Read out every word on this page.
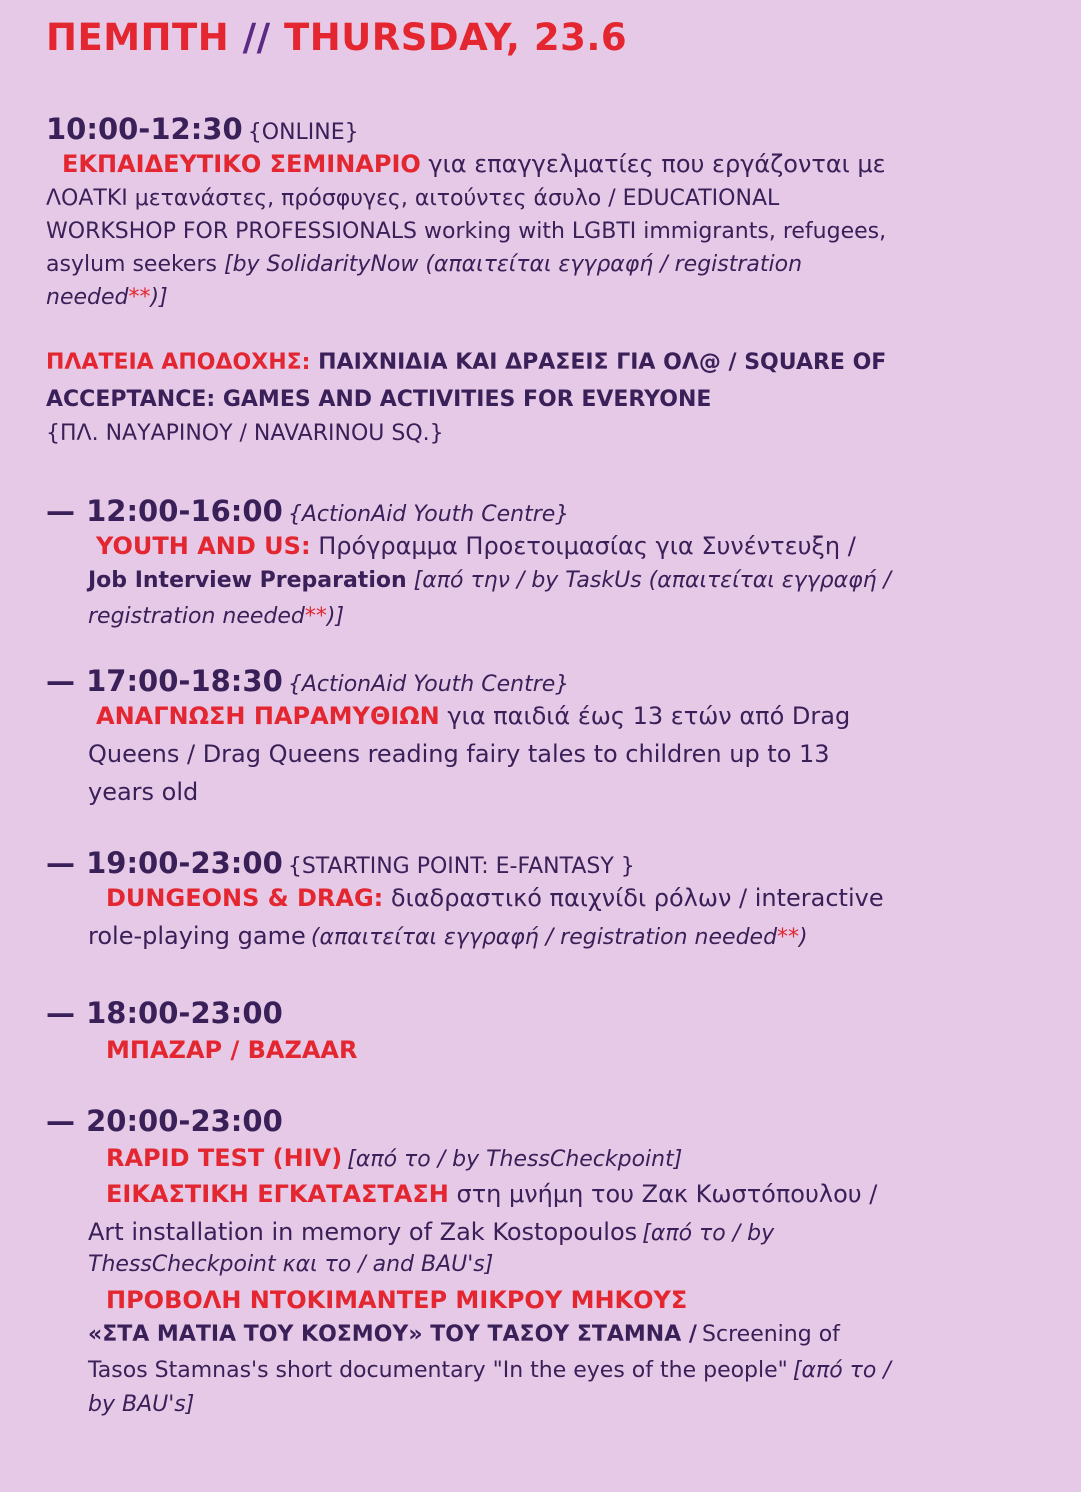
ΠΕΜΠΤΗ // THURSDAY, 23.6
10:00-12:30 {ONLINE}
ΕΚΠΑΙΔΕΥΤΙΚΟ ΣΕΜΙΝΑΡΙΟ για επαγγελματίες που εργάζονται με
ΛΟΑΤΚΙ μετανάστες, πρόσφυγες, αιτούντες άσυλο / EDUCATIONAL
WORKSHOP FOR PROFESSIONALS working with LGBTI immigrants, refugees,
asylum seekers [by SolidarityNow (απαιτείται εγγραφή / registration
needed**)]
ΠΛΑΤΕΙΑ ΑΠΟΔΟΧΗΣ: ΠΑΙΧΝΙΔΙΑ ΚΑΙ ΔΡΑΣΕΙΣ ΓΙΑ ΟΛ@ / SQUARE OF
ACCEPTANCE: GAMES AND ACTIVITIES FOR EVERYONE
{ΠΛ. ΝΑΥΑΡΙΝΟΥ / NAVARINOU SQ.}
— 12:00-16:00 {ActionAid Youth Centre}
YOUTH AND US: Πρόγραμμα Προετοιμασίας για Συνέντευξη /
Job Interview Preparation [από την / by TaskUs (απαιτείται εγγραφή /
registration needed**)]
— 17:00-18:30 {ActionAid Youth Centre}
ΑΝΑΓΝΩΣΗ ΠΑΡΑΜΥΘΙΩΝ για παιδιά έως 13 ετών από Drag
Queens / Drag Queens reading fairy tales to children up to 13
years old
— 19:00-23:00 {STARTING POINT: E-FANTASY }
DUNGEONS & DRAG: διαδραστικό παιχνίδι ρόλων / interactive
role-playing game (απαιτείται εγγραφή / registration needed**)
— 18:00-23:00
ΜΠΑΖΑΡ / BAZAAR
— 20:00-23:00
RAPID TEST (HIV) [από το / by ThessCheckpoint]
ΕΙΚΑΣΤΙΚΗ ΕΓΚΑΤΑΣΤΑΣΗ στη μνήμη του Ζακ Κωστόπουλου /
Art installation in memory of Zak Kostopoulos [από το / by
ThessCheckpoint και το / and BAU's]
ΠΡΟΒΟΛΗ ΝΤΟΚΙΜΑΝΤΕΡ ΜΙΚΡΟΥ ΜΗΚΟΥΣ
«ΣΤΑ ΜΑΤΙΑ ΤΟΥ ΚΟΣΜΟΥ» ΤΟΥ ΤΑΣΟΥ ΣΤΑΜΝΑ / Screening of
Tasos Stamnas's short documentary "In the eyes of the people" [από το /
by BAU's]
